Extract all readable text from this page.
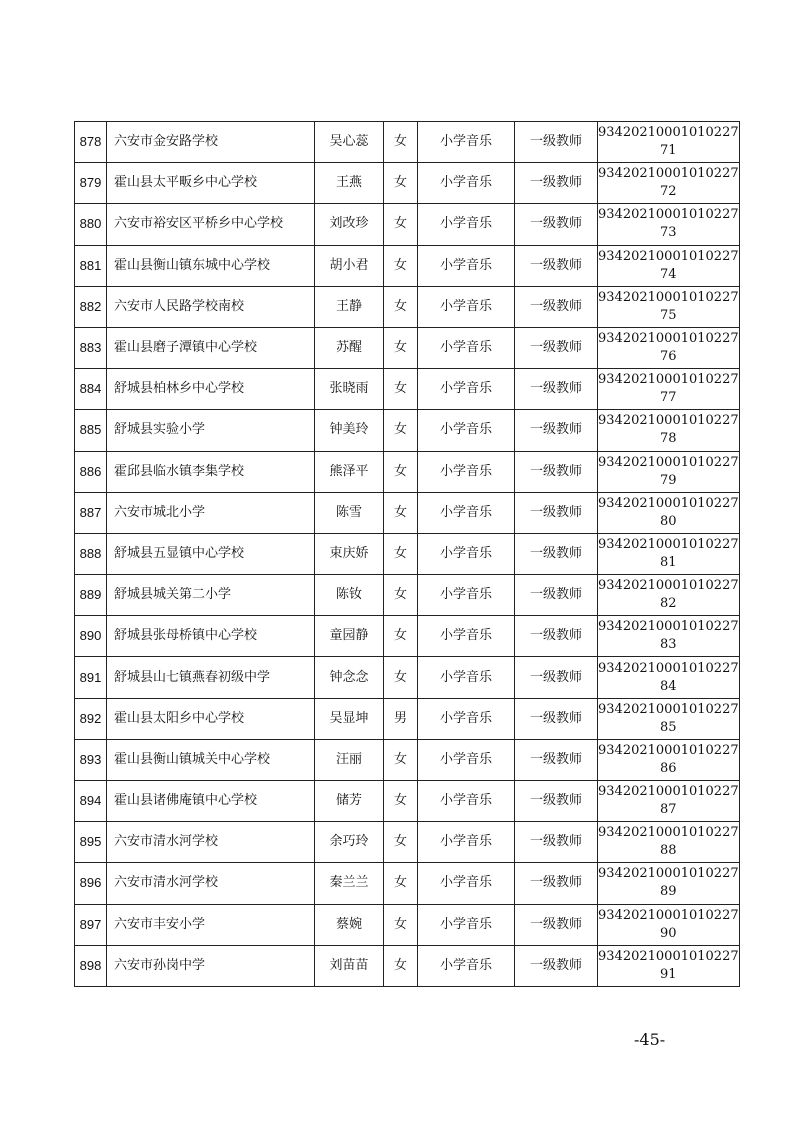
878	六安市金安路学校	吴心蕊	女	小学音乐	一级教师	93420210001010227
71

879	霍山县太平畈乡中心学校	王燕	女	小学音乐	一级教师	93420210001010227
72

880	六安市裕安区平桥乡中心学校	刘改珍	女	小学音乐	一级教师	93420210001010227
73

881	霍山县衡山镇东城中心学校	胡小君	女	小学音乐	一级教师	93420210001010227
74

882	六安市人民路学校南校	王静	女	小学音乐	一级教师	93420210001010227
75

883	霍山县磨子潭镇中心学校	苏醒	女	小学音乐	一级教师	93420210001010227
76

884	舒城县柏林乡中心学校	张晓雨	女	小学音乐	一级教师	93420210001010227
77

885	舒城县实验小学	钟美玲	女	小学音乐	一级教师	93420210001010227
78

886	霍邱县临水镇李集学校	熊泽平	女	小学音乐	一级教师	93420210001010227
79

887	六安市城北小学	陈雪	女	小学音乐	一级教师	93420210001010227
80

888	舒城县五显镇中心学校	束庆娇	女	小学音乐	一级教师	93420210001010227
81

889	舒城县城关第二小学	陈钕	女	小学音乐	一级教师	93420210001010227
82

890	舒城县张母桥镇中心学校	童园静	女	小学音乐	一级教师	93420210001010227
83

891	舒城县山七镇燕春初级中学	钟念念	女	小学音乐	一级教师	93420210001010227
84

892	霍山县太阳乡中心学校	吴显坤	男	小学音乐	一级教师	93420210001010227
85

893	霍山县衡山镇城关中心学校	汪丽	女	小学音乐	一级教师	93420210001010227
86

894	霍山县诸佛庵镇中心学校	储芳	女	小学音乐	一级教师	93420210001010227
87

895	六安市清水河学校	余巧玲	女	小学音乐	一级教师	93420210001010227
88

896	六安市清水河学校	秦兰兰	女	小学音乐	一级教师	93420210001010227
89

897	六安市丰安小学	蔡婉	女	小学音乐	一级教师	93420210001010227
90

898	六安市孙岗中学	刘苗苗	女	小学音乐	一级教师	93420210001010227
91
-45-
